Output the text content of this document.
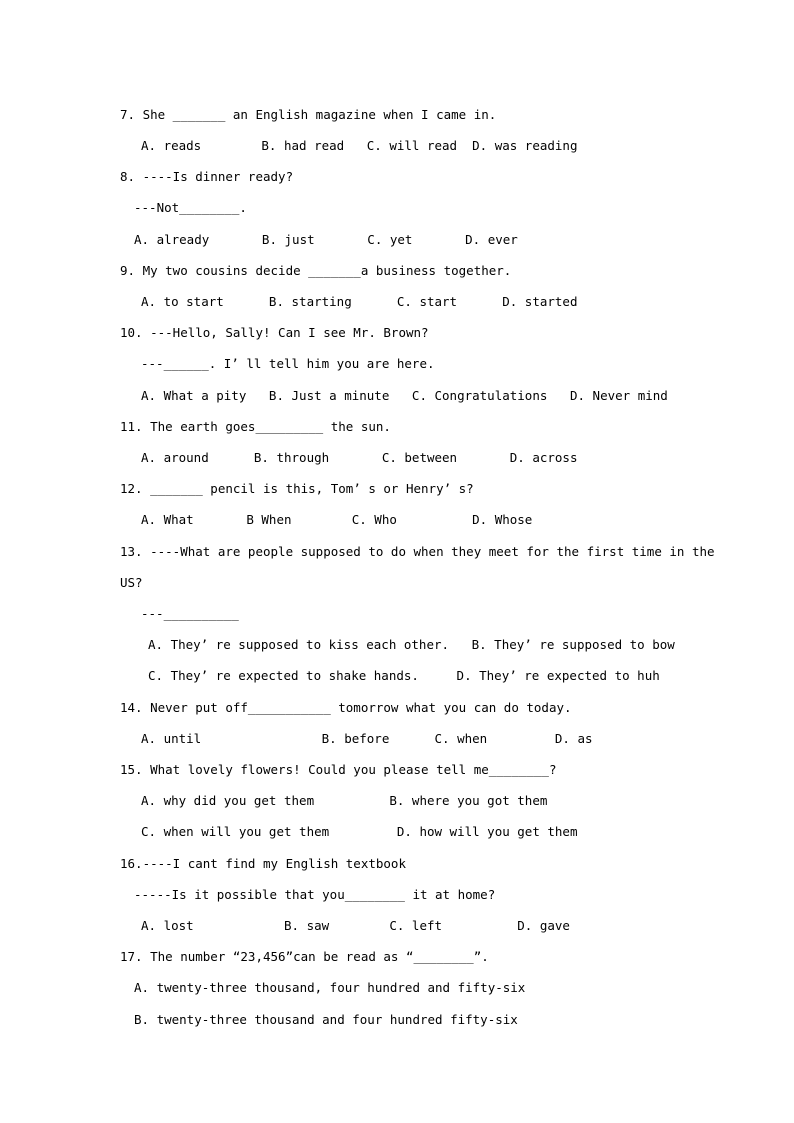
7. She _______ an English magazine when I came in.
A. reads        B. had read   C. will read  D. was reading
8. ----Is dinner ready?
---Not________.
A. already       B. just       C. yet       D. ever
9. My two cousins decide _______a business together.
A. to start      B. starting      C. start      D. started
10. ---Hello, Sally! Can I see Mr. Brown?
---______. I’ ll tell him you are here.
A. What a pity   B. Just a minute   C. Congratulations   D. Never mind
11. The earth goes_________ the sun.
A. around      B. through       C. between       D. across
12. _______ pencil is this, Tom’ s or Henry’ s?
A. What       B When        C. Who          D. Whose
13. ----What are people supposed to do when they meet for the first time in the
US?
---__________
A. They’ re supposed to kiss each other.   B. They’ re supposed to bow
C. They’ re expected to shake hands.     D. They’ re expected to huh
14. Never put off___________ tomorrow what you can do today.
A. until                B. before      C. when         D. as
15. What lovely flowers! Could you please tell me________?
A. why did you get them          B. where you got them
C. when will you get them         D. how will you get them
16.----I cant find my English textbook
-----Is it possible that you________ it at home?
A. lost            B. saw        C. left          D. gave
17. The number “23,456”can be read as “________”.
A. twenty-three thousand, four hundred and fifty-six
B. twenty-three thousand and four hundred fifty-six
